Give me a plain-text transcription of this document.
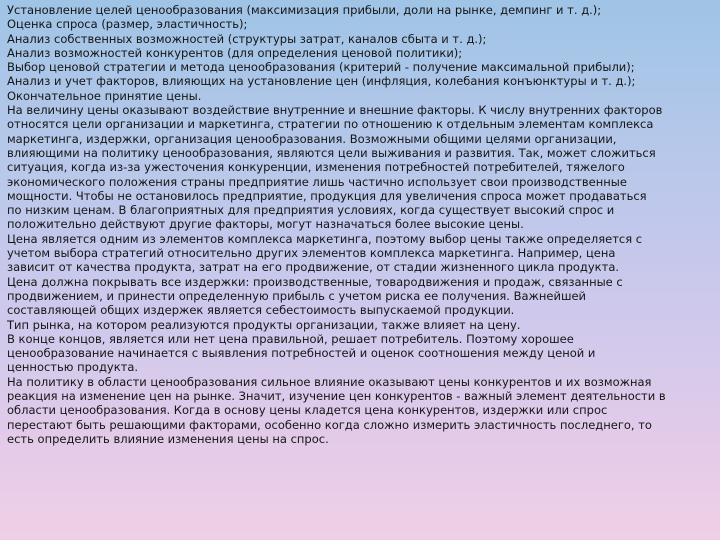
Установление целей ценообразования (максимизация прибыли, доли на рынке, демпинг и т. д.);

Оценка спроса (размер, эластичность);

Анализ собственных возможностей (структуры затрат, каналов сбыта и т. д.);

Анализ возможностей конкурентов (для определения ценовой политики);

Выбор ценовой стратегии и метода ценообразования (критерий - получение максимальной прибыли);

Анализ и учет факторов, влияющих на установление цен (инфляция, колебания конъюнктуры и т. д.);

Окончательное принятие цены.

На величину цены оказывают воздействие внутренние и внешние факторы. К числу внутренних факторов
относятся цели организации и маркетинга, стратегии по отношению к отдельным элементам комплекса
маркетинга, издержки, организация ценообразования. Возможными общими целями организации,
влияющими на политику ценообразования, являются цели выживания и развития. Так, может сложиться
ситуация, когда из-за ужесточения конкуренции, изменения потребностей потребителей, тяжелого
экономического положения страны предприятие лишь частично использует свои производственные
мощности. Чтобы не остановилось предприятие, продукция для увеличения спроса может продаваться
по низким ценам. В благоприятных для предприятия условиях, когда существует высокий спрос и
положительно действуют другие факторы, могут назначаться более высокие цены.

Цена является одним из элементов комплекса маркетинга, поэтому выбор цены также определяется с
учетом выбора стратегий относительно других элементов комплекса маркетинга. Например, цена
зависит от качества продукта, затрат на его продвижение, от стадии жизненного цикла продукта.

Цена должна покрывать все издержки: производственные, товародвижения и продаж, связанные с
продвижением, и принести определенную прибыль с учетом риска ее получения. Важнейшей
составляющей общих издержек является себестоимость выпускаемой продукции.

Тип рынка, на котором реализуются продукты организации, также влияет на цену.

В конце концов, является или нет цена правильной, решает потребитель. Поэтому хорошее
ценообразование начинается с выявления потребностей и оценок соотношения между ценой и
ценностью продукта.

На политику в области ценообразования сильное влияние оказывают цены конкурентов и их возможная
реакция на изменение цен на рынке. Значит, изучение цен конкурентов - важный элемент деятельности в
области ценообразования. Когда в основу цены кладется цена конкурентов, издержки или спрос
перестают быть решающими факторами, особенно когда сложно измерить эластичность последнего, то
есть определить влияние изменения цены на спрос.
